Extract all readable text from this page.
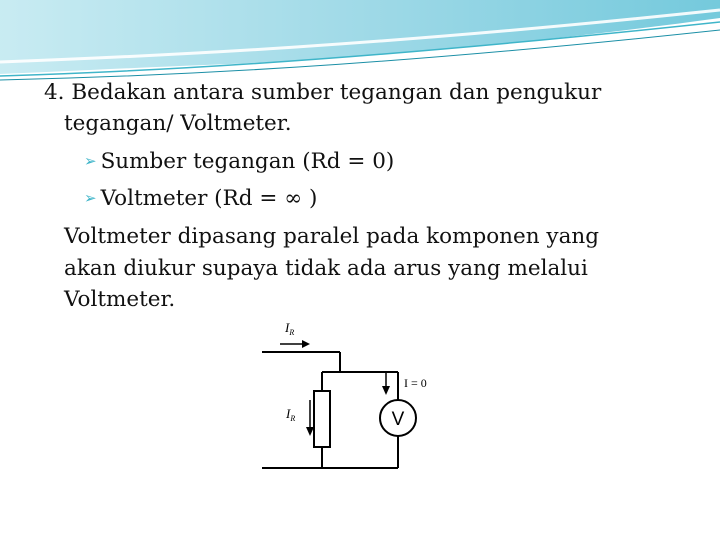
4. Bedakan antara sumber tegangan dan pengukur
tegangan/ Voltmeter.
➢ Sumber tegangan (Rd = 0)
➢ Voltmeter (Rd = ∞ )
Voltmeter dipasang paralel pada komponen yang
akan diukur supaya tidak ada arus yang melalui
Voltmeter.
$I_R$
$I_R$
I = 0
V
